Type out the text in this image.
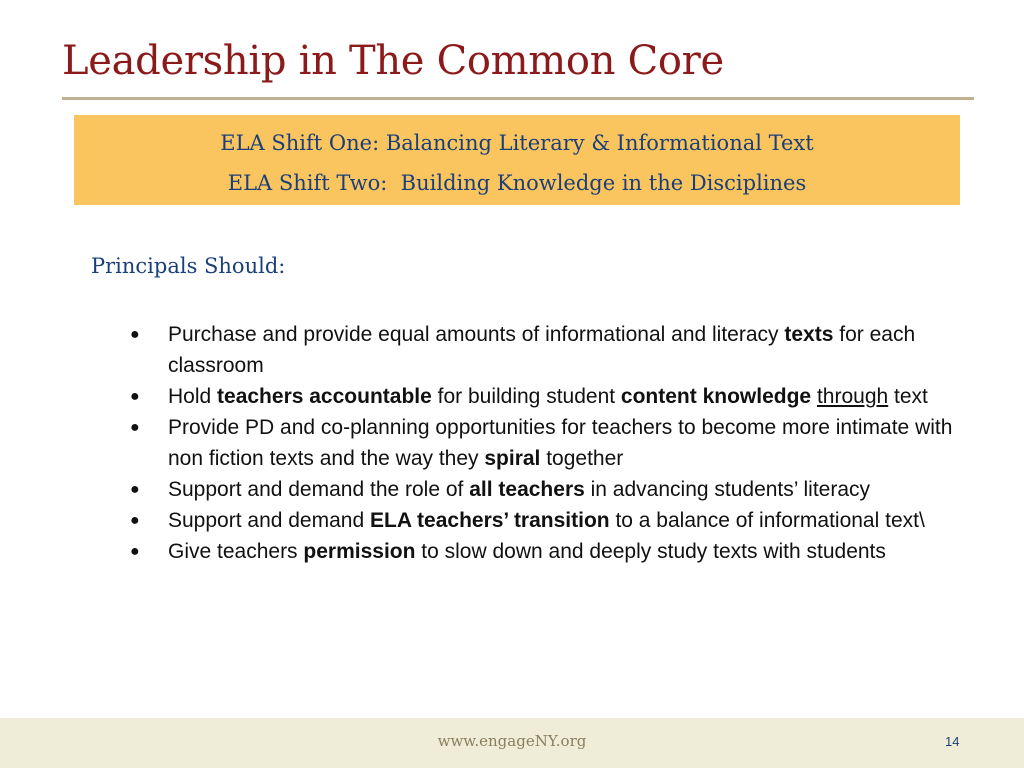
Leadership in The Common Core
ELA Shift One: Balancing Literary & Informational Text
ELA Shift Two:  Building Knowledge in the Disciplines
Principals Should:
● Purchase and provide equal amounts of informational and literacy texts for each classroom
● Hold teachers accountable for building student content knowledge through text
● Provide PD and co-planning opportunities for teachers to become more intimate with non fiction texts and the way they spiral together
● Support and demand the role of all teachers in advancing students’ literacy
● Support and demand ELA teachers’ transition to a balance of informational text\
● Give teachers permission to slow down and deeply study texts with students
www.engageNY.org	14
